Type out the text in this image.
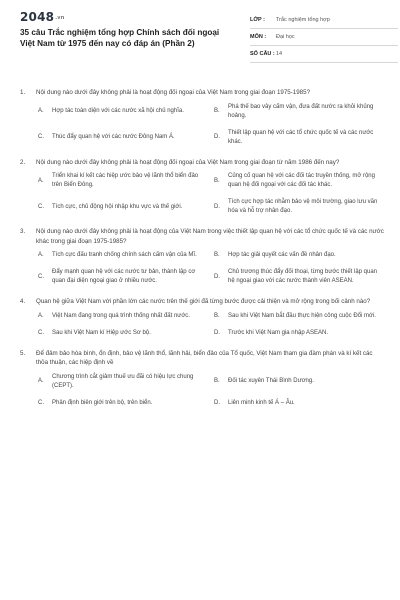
2048.vn
35 câu Trắc nghiệm tổng hợp Chính sách đối ngoại Việt Nam từ 1975 đến nay có đáp án (Phần 2)
LỚP :	Trắc nghiệm tổng hợp
MÔN :	Đại học
SỐ CÂU : 14
1.	Nội dung nào dưới đây không phải là hoạt động đối ngoại của Việt Nam trong giai đoạn 1975-1985?
A.	Hợp tác toàn diện với các nước xã hội chủ nghĩa.	B.
Phá thế bao vây cấm vận, đưa đất nước ra khỏi khủng hoảng.
C.	Thúc đẩy quan hệ với các nước Đông Nam Á.	D.
Thiết lập quan hệ với các tổ chức quốc tế và các nước khác.
2.	Nội dung nào dưới đây không phải là hoạt động đối ngoại của Việt Nam trong giai đoạn từ năm 1986 đến nay?
A.
Triển khai kí kết các hiệp ước bảo vệ lãnh thổ biển đảo trên Biển Đông.
B.
Củng cố quan hệ với các đối tác truyền thống, mở rộng quan hệ đối ngoại với các đối tác khác.
C.	Tích cực, chủ động hội nhập khu vực và thế giới.	D.
Tích cực hợp tác nhằm bảo vệ môi trường, giao lưu văn hóa và hỗ trợ nhân đạo.
3.	Nội dung nào dưới đây không phải là hoạt động của Việt Nam trong việc thiết lập quan hệ với các tổ chức quốc tế và các nước khác trong giai đoạn 1975-1985?
A.	Tích cực đấu tranh chống chính sách cấm vận của Mĩ.	B.	Hợp tác giải quyết các vấn đề nhân đạo.
C.
Đẩy mạnh quan hệ với các nước tư bản, thành lập cơ quan đại diện ngoại giao ở nhiều nước.
D.
Chủ trương thúc đẩy đối thoại, từng bước thiết lập quan hệ ngoại giao với các nước thành viên ASEAN.
4.	Quan hệ giữa Việt Nam với phần lớn các nước trên thế giới đã từng bước được cải thiện và mở rộng trong bối cảnh nào?
A.	Việt Nam đang trong quá trình thống nhất đất nước.	B.	Sau khi Việt Nam bắt đầu thực hiện công cuộc Đổi mới.
C.	Sau khi Việt Nam kí Hiệp ước Sơ bộ.	D.	Trước khi Việt Nam gia nhập ASEAN.
5.	Để đảm bảo hòa bình, ổn định, bảo vệ lãnh thổ, lãnh hải, biển đảo của Tổ quốc, Việt Nam tham gia đàm phán và kí kết các thỏa thuận, các hiệp định về
A.
Chương trình cắt giảm thuế ưu đãi có hiệu lực chung (CEPT).
B.	Đối tác xuyên Thái Bình Dương.
C.	Phân định biên giới trên bộ, trên biển.	D.	Liên minh kinh tế Á – Âu.
